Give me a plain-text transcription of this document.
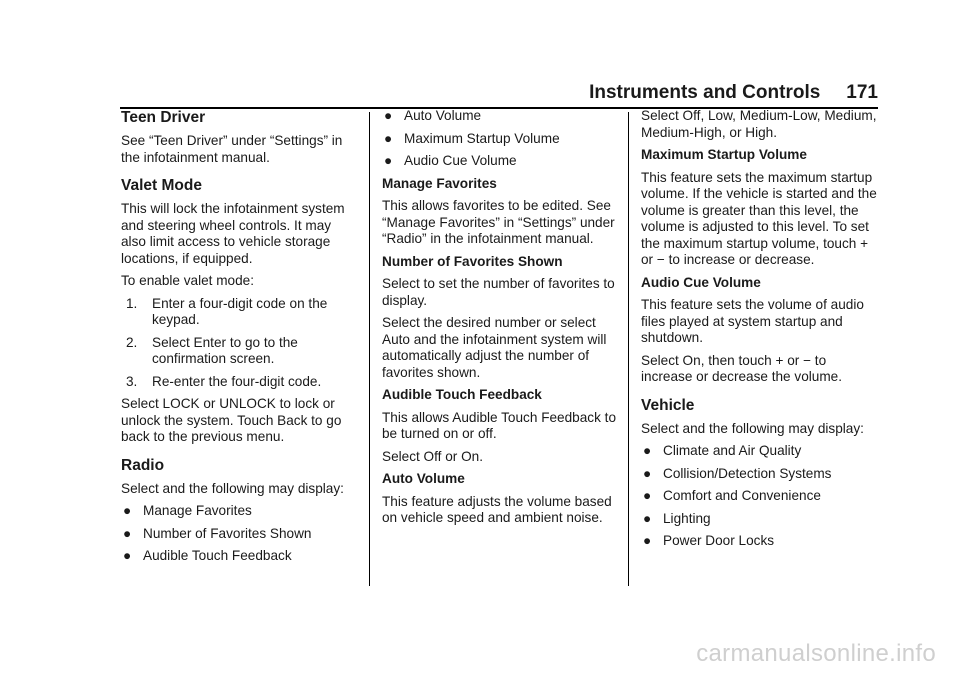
Instruments and Controls 171
Teen Driver

See “Teen Driver” under “Settings” in the infotainment manual.

Valet Mode

This will lock the infotainment system and steering wheel controls. It may also limit access to vehicle storage locations, if equipped.

To enable valet mode:

1. Enter a four-digit code on the keypad.
2. Select Enter to go to the confirmation screen.
3. Re-enter the four-digit code.

Select LOCK or UNLOCK to lock or unlock the system. Touch Back to go back to the previous menu.

Radio

Select and the following may display:

● Manage Favorites
● Number of Favorites Shown
● Audible Touch Feedback
● Auto Volume
● Maximum Startup Volume
● Audio Cue Volume
Manage Favorites

This allows favorites to be edited. See “Manage Favorites” in “Settings” under “Radio” in the infotainment manual.

Number of Favorites Shown

Select to set the number of favorites to display.

Select the desired number or select Auto and the infotainment system will automatically adjust the number of favorites shown.

Audible Touch Feedback

This allows Audible Touch Feedback to be turned on or off.

Select Off or On.

Auto Volume

This feature adjusts the volume based on vehicle speed and ambient noise.

Select Off, Low, Medium-Low, Medium, Medium-High, or High.

Maximum Startup Volume

This feature sets the maximum startup volume. If the vehicle is started and the volume is greater than this level, the volume is adjusted to this level. To set the maximum startup volume, touch + or − to increase or decrease.

Audio Cue Volume

This feature sets the volume of audio files played at system startup and shutdown.

Select On, then touch + or − to increase or decrease the volume.

Vehicle

Select and the following may display:

● Climate and Air Quality
● Collision/Detection Systems
● Comfort and Convenience
● Lighting
● Power Door Locks
carmanualsonline.info
